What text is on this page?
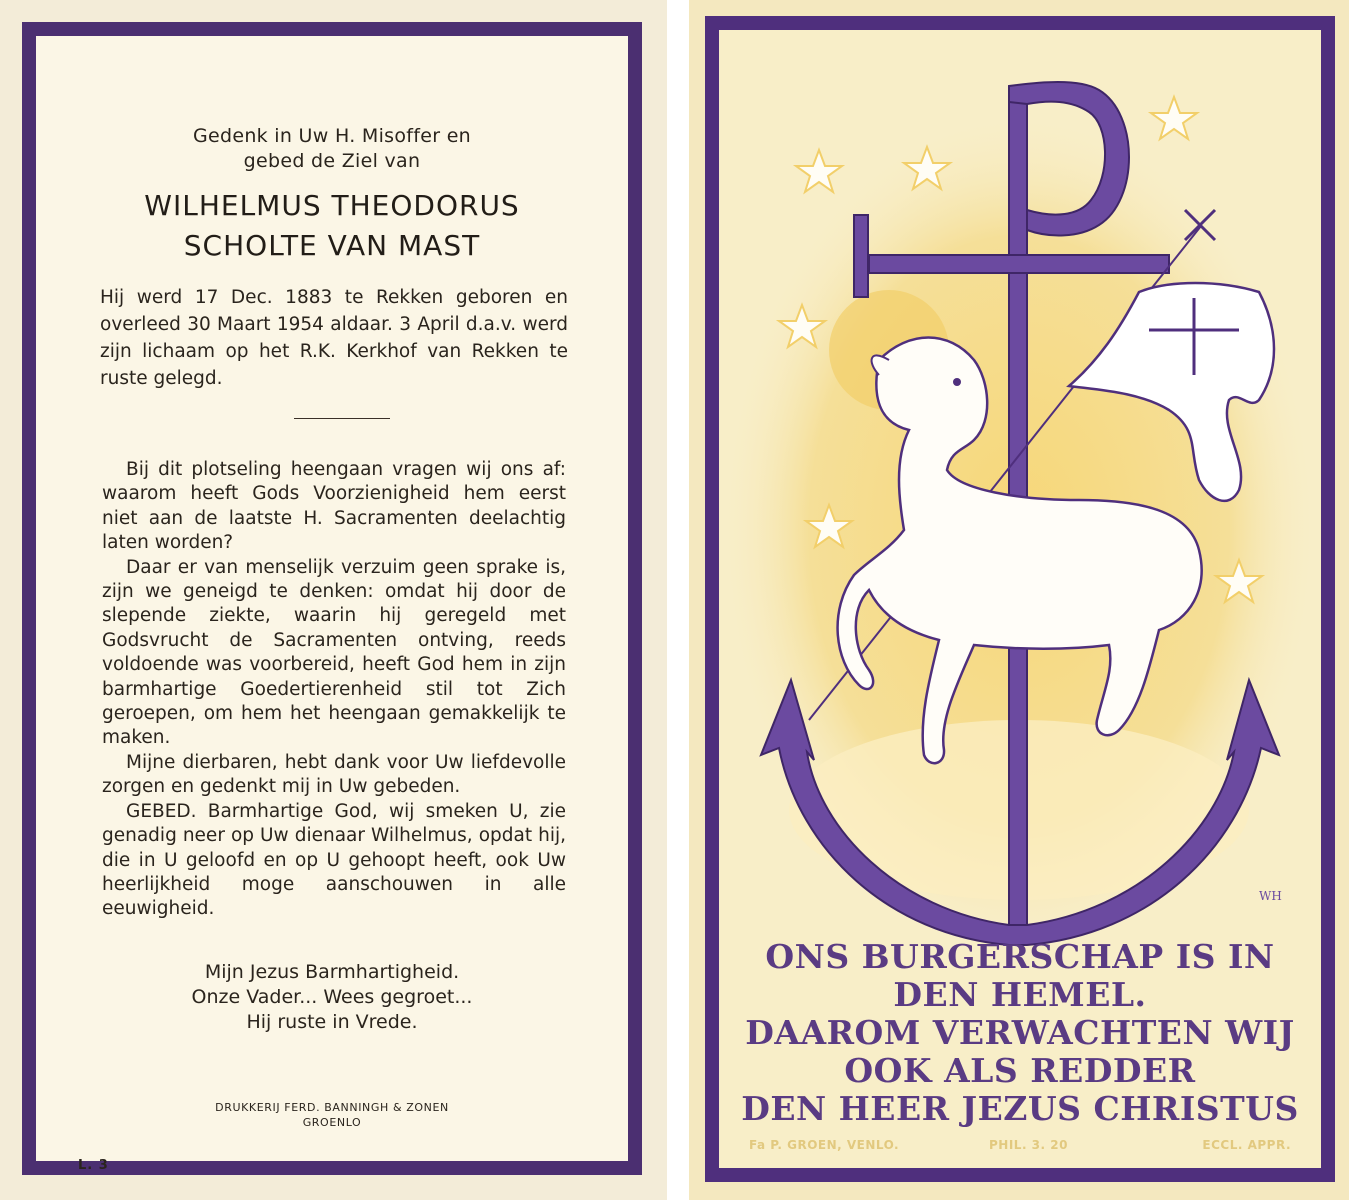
Gedenk in Uw H. Misoffer en
gebed de Ziel van
WILHELMUS THEODORUS
SCHOLTE VAN MAST
Hij werd 17 Dec. 1883 te Rekken geboren en overleed 30 Maart 1954 aldaar. 3 April d.a.v. werd zijn lichaam op het R.K. Kerkhof van Rekken te ruste gelegd.

Bij dit plotseling heengaan vragen wij ons af: waarom heeft Gods Voorzienigheid hem eerst niet aan de laatste H. Sacramenten deelachtig laten worden?

Daar er van menselijk verzuim geen sprake is, zijn we geneigd te denken: omdat hij door de slepende ziekte, waarin hij geregeld met Godsvrucht de Sacramenten ontving, reeds voldoende was voorbereid, heeft God hem in zijn barmhartige Goedertierenheid stil tot Zich geroepen, om hem het heengaan gemakkelijk te maken.

Mijne dierbaren, hebt dank voor Uw liefdevolle zorgen en gedenkt mij in Uw gebeden.

GEBED. Barmhartige God, wij smeken U, zie genadig neer op Uw dienaar Wilhelmus, opdat hij, die in U geloofd en op U gehoopt heeft, ook Uw heerlijkheid moge aanschouwen in alle eeuwigheid.

Mijn Jezus Barmhartigheid.
Onze Vader... Wees gegroet...
Hij ruste in Vrede.
DRUKKERIJ FERD. BANNINGH & ZONEN
GROENLO
L. 3
WH
ONS BURGERSCHAP IS IN
DEN HEMEL.
DAAROM VERWACHTEN WIJ
OOK ALS REDDER
DEN HEER JEZUS CHRISTUS
Fa P. GROEN, VENLO.	PHIL. 3. 20	ECCL. APPR.
